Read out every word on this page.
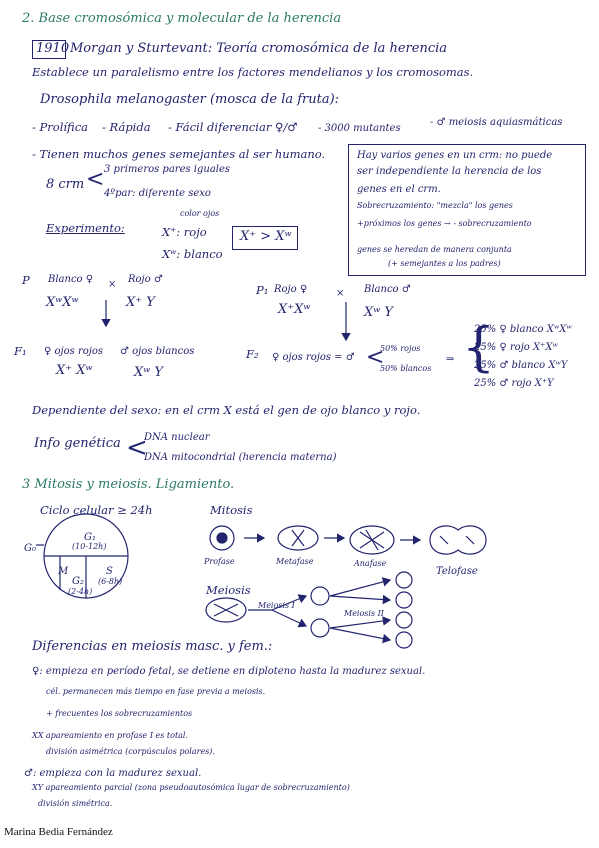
2. Base cromosómica y molecular de la herencia
1910 Morgan y Sturtevant: Teoría cromosómica de la herencia
Establece un paralelismo entre los factores mendelianos y los cromosomas.
Drosophila melanogaster (mosca de la fruta):
- Prolífica - Rápida - Fácil diferenciar ♀/♂ - 3000 mutantes
- ♂ meiosis aquiasmáticas
- Tienen muchos genes semejantes al ser humano.
8 crm < 3 primeros pares iguales
4ºpar: diferente sexo
Hay varios genes en un crm: no puede
ser independiente la herencia de los
genes en el crm.
Sobrecruzamiento: "mezcla" los genes
+próximos los genes → - sobrecruzamiento
genes se heredan de manera conjunta
(+ semejantes a los padres)
Experimento:
color ojos
X⁺: rojo
Xʷ: blanco
X⁺ > Xʷ
P Blanco ♀ × Rojo ♂
XʷXʷ	X⁺ Y
F₁ ♀ ojos rojos ♂ ojos blancos
X⁺ Xʷ	Xʷ Y
P₁ Rojo ♀	× Blanco ♂
X⁺Xʷ	Xʷ Y
F₂ ♀ ojos rojos = ♂ <
50% rojos
50% blancos
⇒ {
25% ♀ blanco XʷXʷ
25% ♀ rojo X⁺Xʷ
25% ♂ blanco XʷY
25% ♂ rojo X⁺Y
Dependiente del sexo: en el crm X está el gen de ojo blanco y rojo.
Info genética <
DNA nuclear
DNA mitocondrial (herencia materna)
3 Mitosis y meiosis. Ligamiento.
Ciclo celular ≥ 24h
G₀
G₁
(10-12h)
M	S
(6-8h)
G₂
(2-4h)
Mitosis
Profase	Metafase	Anafase
Telofase
Meiosis
Meiosis I
Meiosis II
Diferencias en meiosis masc. y fem.:
♀: empieza en período fetal, se detiene en diploteno hasta la madurez sexual.
cél. permanecen más tiempo en fase previa a meiosis.
+ frecuentes los sobrecruzamientos
XX apareamiento en profase I es total.
división asimétrica (corpúsculos polares).
♂: empieza con la madurez sexual.
XY apareamiento parcial (zona pseudoautosómica lugar de sobrecruzamiento)
división simétrica.
Marina Bedia Fernández
